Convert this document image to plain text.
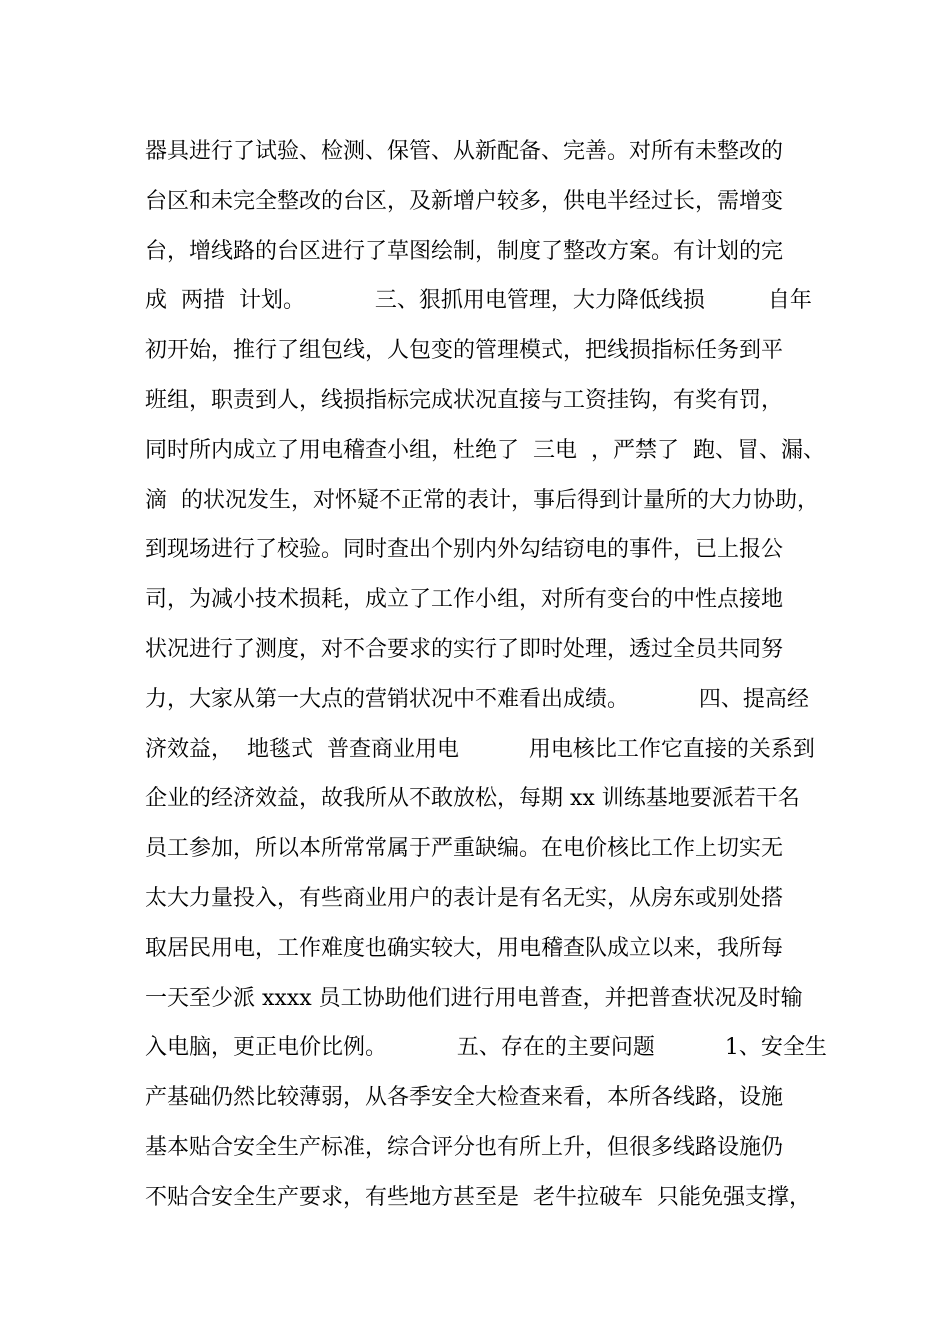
器具进行了试验、检测、保管、从新配备、完善。对所有未整改的
台区和未完全整改的台区，及新增户较多，供电半经过长，需增变
台，增线路的台区进行了草图绘制，制度了整改方案。有计划的完
成  两措  计划。          三、狠抓用电管理，大力降低线损         自年
初开始，推行了组包线，人包变的管理模式，把线损指标任务到平
班组，职责到人，线损指标完成状况直接与工资挂钩，有奖有罚，
同时所内成立了用电稽查小组，杜绝了  三电  ，严禁了  跑、冒、漏、
滴  的状况发生，对怀疑不正常的表计，事后得到计量所的大力协助，
到现场进行了校验。同时查出个别内外勾结窃电的事件，已上报公
司，为减小技术损耗，成立了工作小组，对所有变台的中性点接地
状况进行了测度，对不合要求的实行了即时处理，透过全员共同努
力，大家从第一大点的营销状况中不难看出成绩。          四、提高经
济效益，  地毯式  普查商业用电          用电核比工作它直接的关系到
企业的经济效益，故我所从不敢放松，每期 xx 训练基地要派若干名
员工参加，所以本所常常属于严重缺编。在电价核比工作上切实无
太大力量投入，有些商业用户的表计是有名无实，从房东或别处搭
取居民用电，工作难度也确实较大，用电稽查队成立以来，我所每
一天至少派 xxxx 员工协助他们进行用电普查，并把普查状况及时输
入电脑，更正电价比例。          五、存在的主要问题          1、安全生
产基础仍然比较薄弱，从各季安全大检查来看，本所各线路，设施
基本贴合安全生产标准，综合评分也有所上升，但很多线路设施仍
不贴合安全生产要求，有些地方甚至是  老牛拉破车  只能免强支撑，
